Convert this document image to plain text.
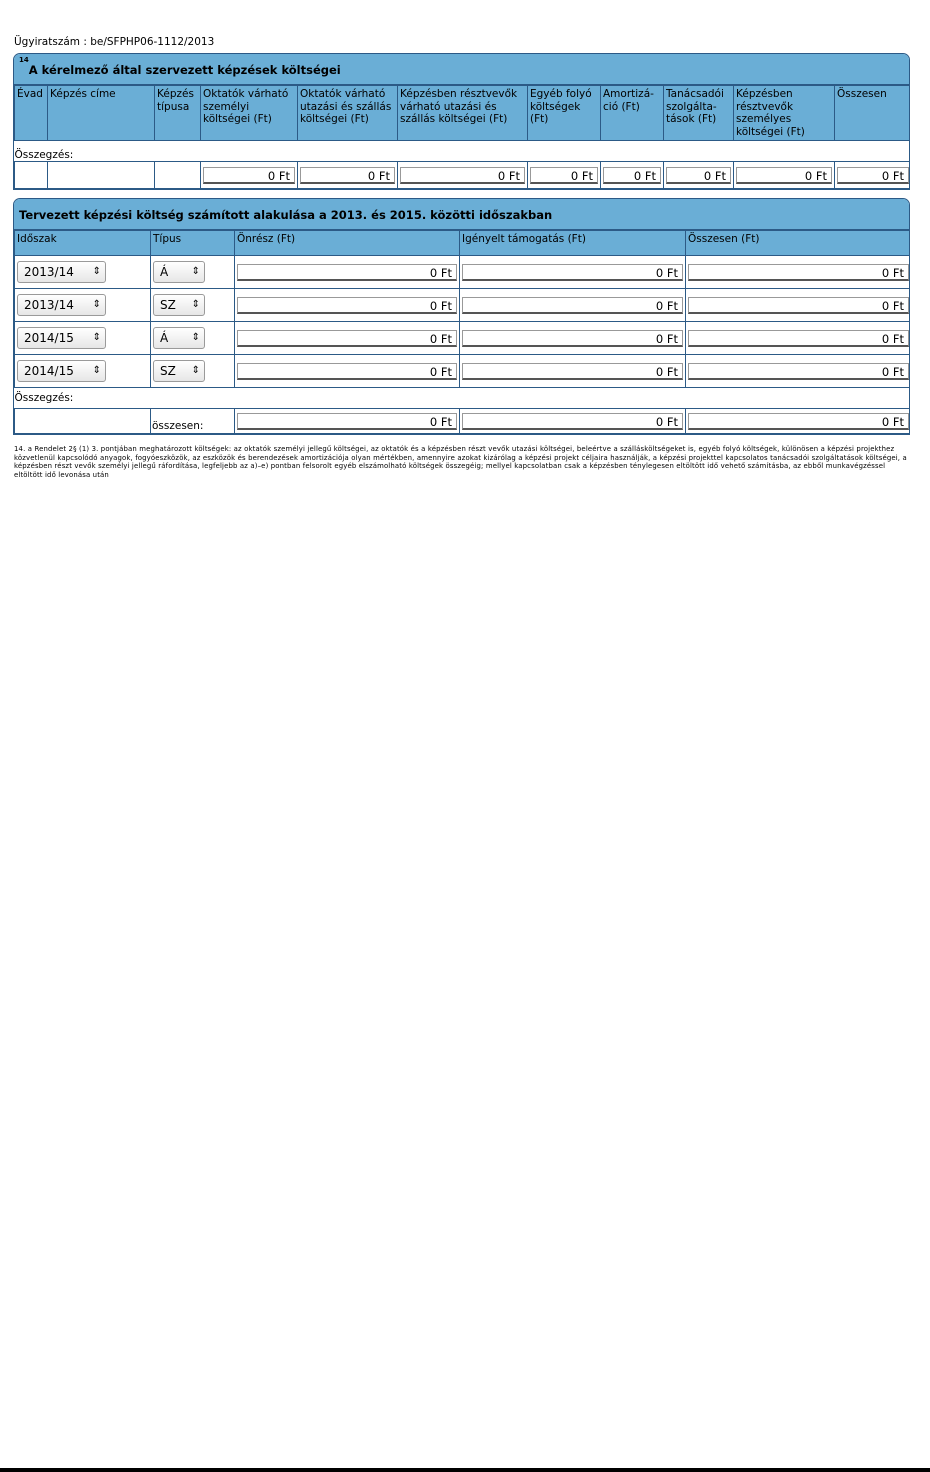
Ügyiratszám : be/SFPHP06-1112/2013
$^{14}$A kérelmező által szervezett képzések költségei
Évad	Képzés címe	Képzés típusa	Oktatók várható személyi költségei (Ft)	Oktatók várható utazási és szállás költségei (Ft)	Képzésben résztvevők várható utazási és szállás költségei (Ft)	Egyéb folyó költségek (Ft)	Amortizá-ció (Ft)	Tanácsadói szolgálta-tások (Ft)	Képzésben résztvevők személyes költségei (Ft)	Összesen
Összegzés:										

			0 Ft	0 Ft	0 Ft	0 Ft	0 Ft	0 Ft	0 Ft	0 Ft
Tervezett képzési költség számított alakulása a 2013. és 2015. közötti időszakban
Időszak	Típus	Önrész (Ft)	Igényelt támogatás (Ft)	Összesen (Ft)
2013/14 ⇕	Á ⇕	0 Ft	0 Ft	0 Ft

2013/14 ⇕	SZ ⇕	0 Ft	0 Ft	0 Ft

2014/15 ⇕	Á ⇕	0 Ft	0 Ft	0 Ft

2014/15 ⇕	SZ ⇕	0 Ft	0 Ft	0 Ft

Összegzés:				
	összesen:	0 Ft	0 Ft	0 Ft
14. a Rendelet 2§ (1) 3. pontjában meghatározott költségek: az oktatók személyi jellegű költségei, az oktatók és a képzésben részt vevők utazási költségei, beleértve a szállásköltségeket is, egyéb folyó költségek, különösen a képzési projekthez közvetlenül kapcsolódó anyagok, fogyóeszközök, az eszközök és berendezések amortizációja olyan mértékben, amennyire azokat kizárólag a képzési projekt céljaira használják, a képzési projekttel kapcsolatos tanácsadói szolgáltatások költségei, a képzésben részt vevők személyi jellegű ráfordítása, legfeljebb az a)–e) pontban felsorolt egyéb elszámolható költségek összegéig; mellyel kapcsolatban csak a képzésben ténylegesen eltöltött idő vehető számításba, az ebből munkavégzéssel eltöltött idő levonása után
